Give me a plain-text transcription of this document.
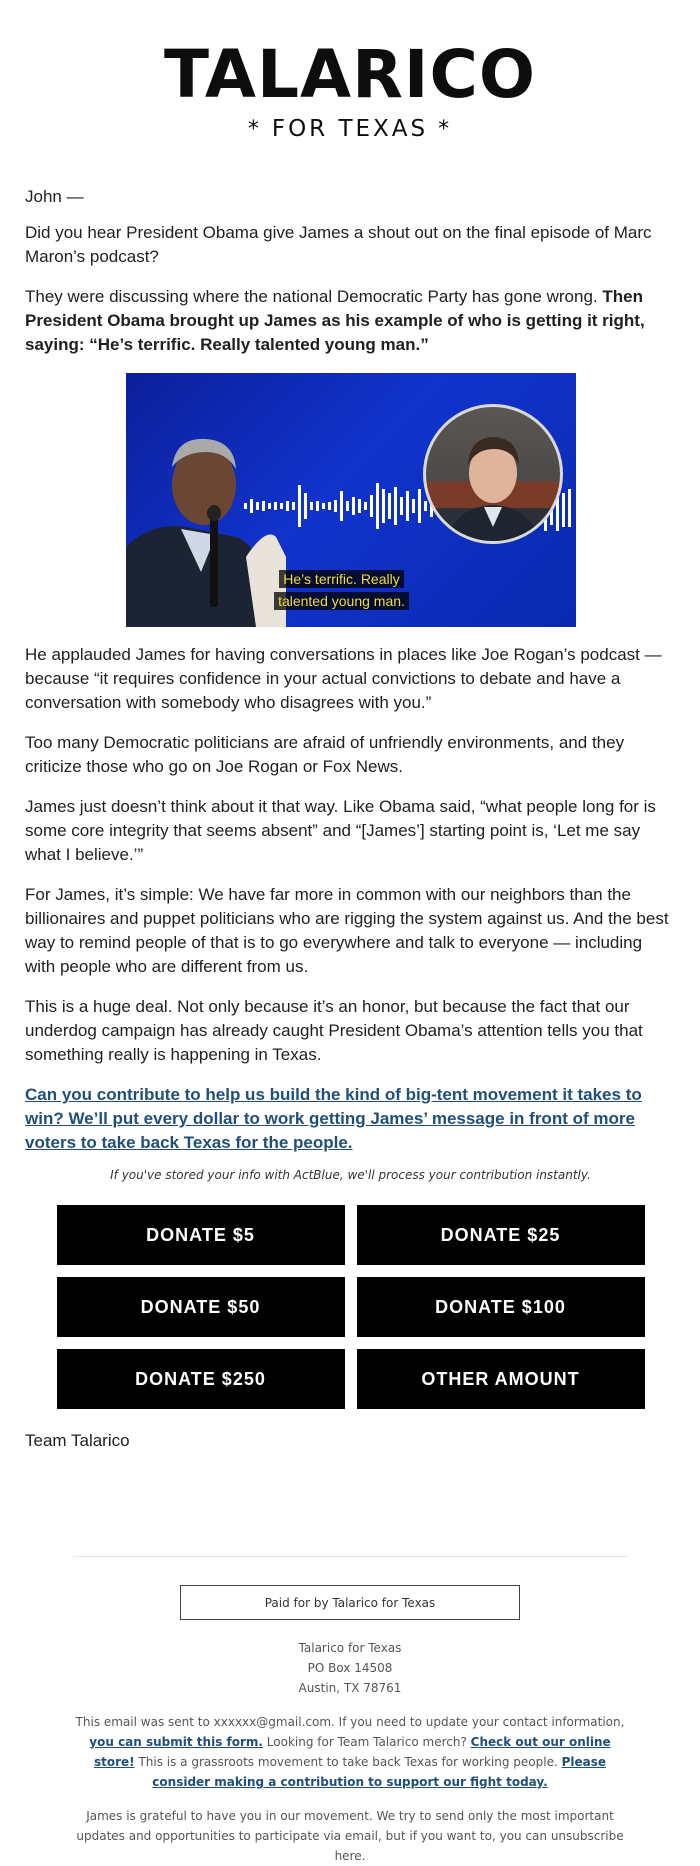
TALARICO
* FOR TEXAS *

John —

Did you hear President Obama give James a shout out on the final episode of Marc Maron’s podcast?

They were discussing where the national Democratic Party has gone wrong. Then President Obama brought up James as his example of who is getting it right, saying: “He’s terrific. Really talented young man.”

He’s terrific. Really
talented young man.

He applauded James for having conversations in places like Joe Rogan’s podcast — because “it requires confidence in your actual convictions to debate and have a conversation with somebody who disagrees with you.”

Too many Democratic politicians are afraid of unfriendly environments, and they criticize those who go on Joe Rogan or Fox News.

James just doesn’t think about it that way. Like Obama said, “what people long for is some core integrity that seems absent” and “[James’] starting point is, ‘Let me say what I believe.’”

For James, it’s simple: We have far more in common with our neighbors than the billionaires and puppet politicians who are rigging the system against us. And the best way to remind people of that is to go everywhere and talk to everyone — including with people who are different from us.

This is a huge deal. Not only because it’s an honor, but because the fact that our underdog campaign has already caught President Obama’s attention tells you that something really is happening in Texas.

Can you contribute to help us build the kind of big-tent movement it takes to win? We’ll put every dollar to work getting James’ message in front of more voters to take back Texas for the people.

If you've stored your info with ActBlue, we'll process your contribution instantly.
DONATE $5	DONATE $25
DONATE $50	DONATE $100
DONATE $250	OTHER AMOUNT
Team Talarico
Paid for by Talarico for Texas
Talarico for Texas
PO Box 14508
Austin, TX 78761
This email was sent to xxxxxx@gmail.com. If you need to update your contact information, you can submit this form. Looking for Team Talarico merch? Check out our online store! This is a grassroots movement to take back Texas for working people. Please consider making a contribution to support our fight today.
James is grateful to have you in our movement. We try to send only the most important updates and opportunities to participate via email, but if you want to, you can unsubscribe here.
